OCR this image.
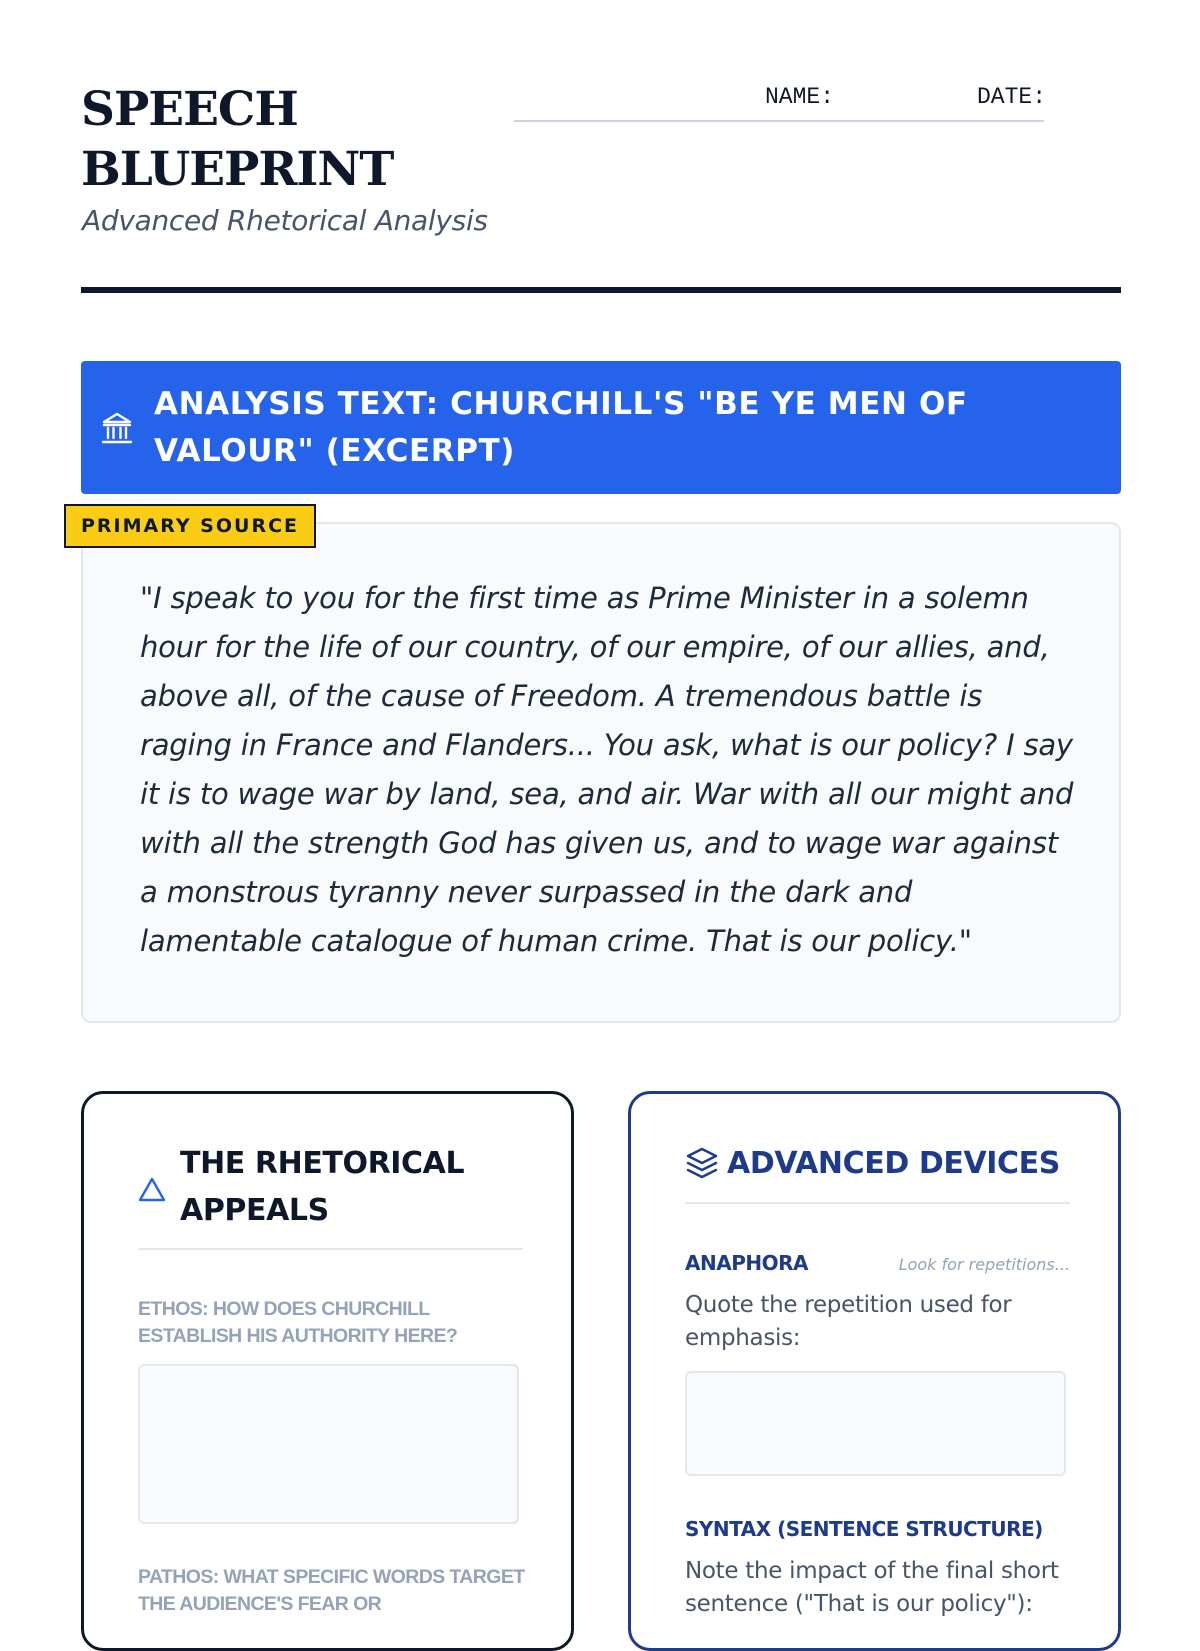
SPEECH BLUEPRINT
Advanced Rhetorical Analysis
NAME:	DATE:
ANALYSIS TEXT: CHURCHILL'S "BE YE MEN OF VALOUR" (EXCERPT)
PRIMARY SOURCE

"I speak to you for the first time as Prime Minister in a solemn hour for the life of our country, of our empire, of our allies, and, above all, of the cause of Freedom. A tremendous battle is raging in France and Flanders... You ask, what is our policy? I say it is to wage war by land, sea, and air. War with all our might and with all the strength God has given us, and to wage war against a monstrous tyranny never surpassed in the dark and lamentable catalogue of human crime. That is our policy."

THE RHETORICAL APPEALS
ETHOS: HOW DOES CHURCHILL ESTABLISH HIS AUTHORITY HERE?
PATHOS: WHAT SPECIFIC WORDS TARGET THE AUDIENCE'S FEAR OR
ADVANCED DEVICES
ANAPHORA	Look for repetitions...
Quote the repetition used for emphasis:
SYNTAX (SENTENCE STRUCTURE)
Note the impact of the final short sentence ("That is our policy"):
